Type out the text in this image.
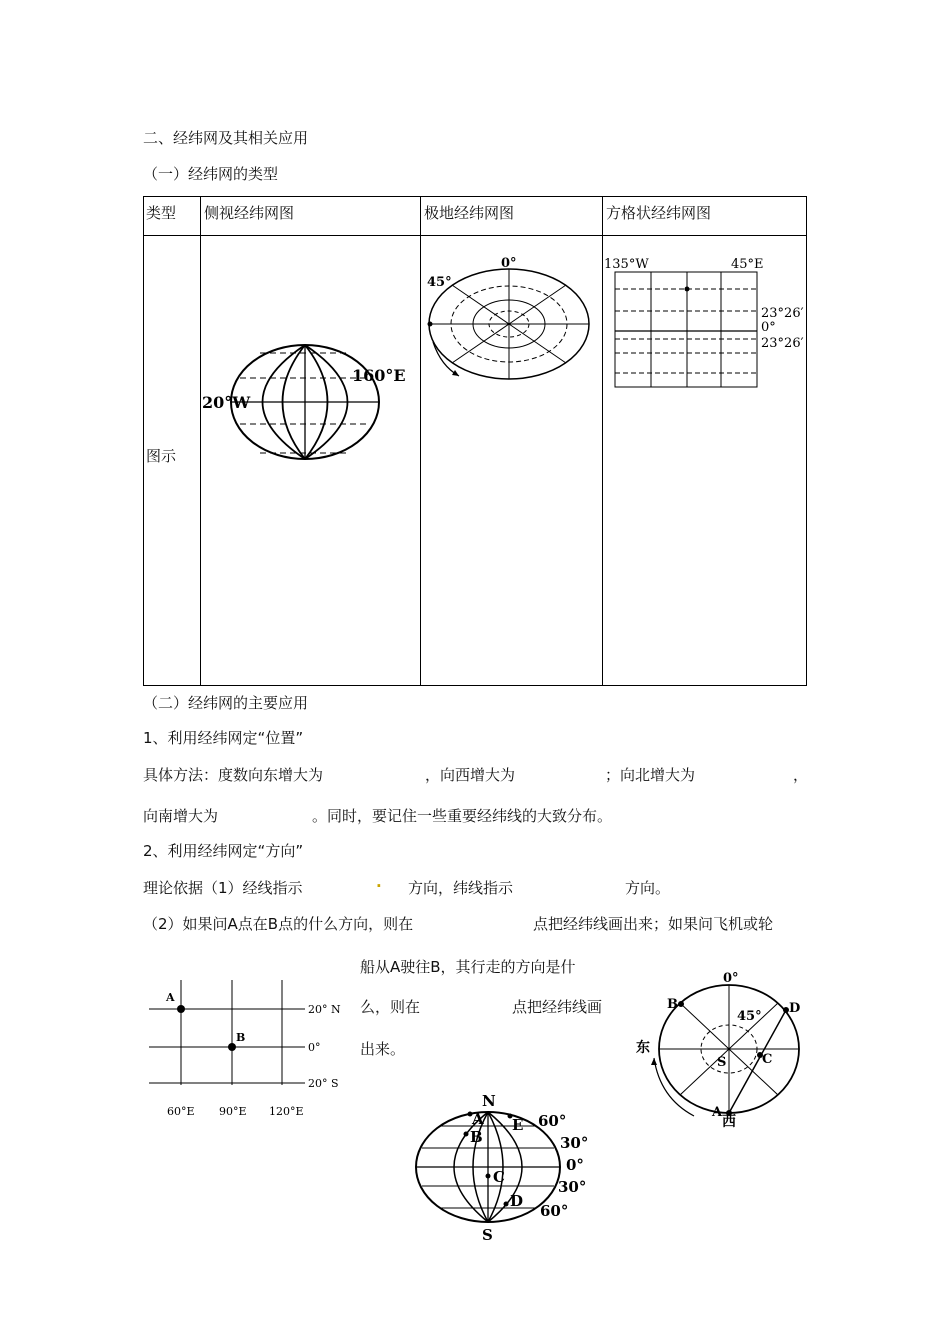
二、经纬网及其相关应用
（一）经纬网的类型
类型 侧视经纬网图	极地经纬网图	方格状经纬网图
图示
20°W
160°E
0°
45°
135°W	45°E
23°26′
0°
23°26′
（二）经纬网的主要应用
1、利用经纬网定“位置”
具体方法：度数向东增大为	，向西增大为	；向北增大为	，
向南增大为	。同时，要记住一些重要经纬线的大致分布。
2、利用经纬网定“方向”
理论依据（1）经线指示	. 方向，纬线指示	方向。
（2）如果问A点在B点的什么方向，则在	点把经纬线画出来；如果问飞机或轮
船从A驶往B，其行走的方向是什
么，则在	点把经纬线画
出来。
A
B
20° N
0°
20° S
60°E 90°E 120°E
0°
45°
B	D
C
S
A
东
西
N
S
A
B
E
C
D
60°
30°
0°
30°
60°
